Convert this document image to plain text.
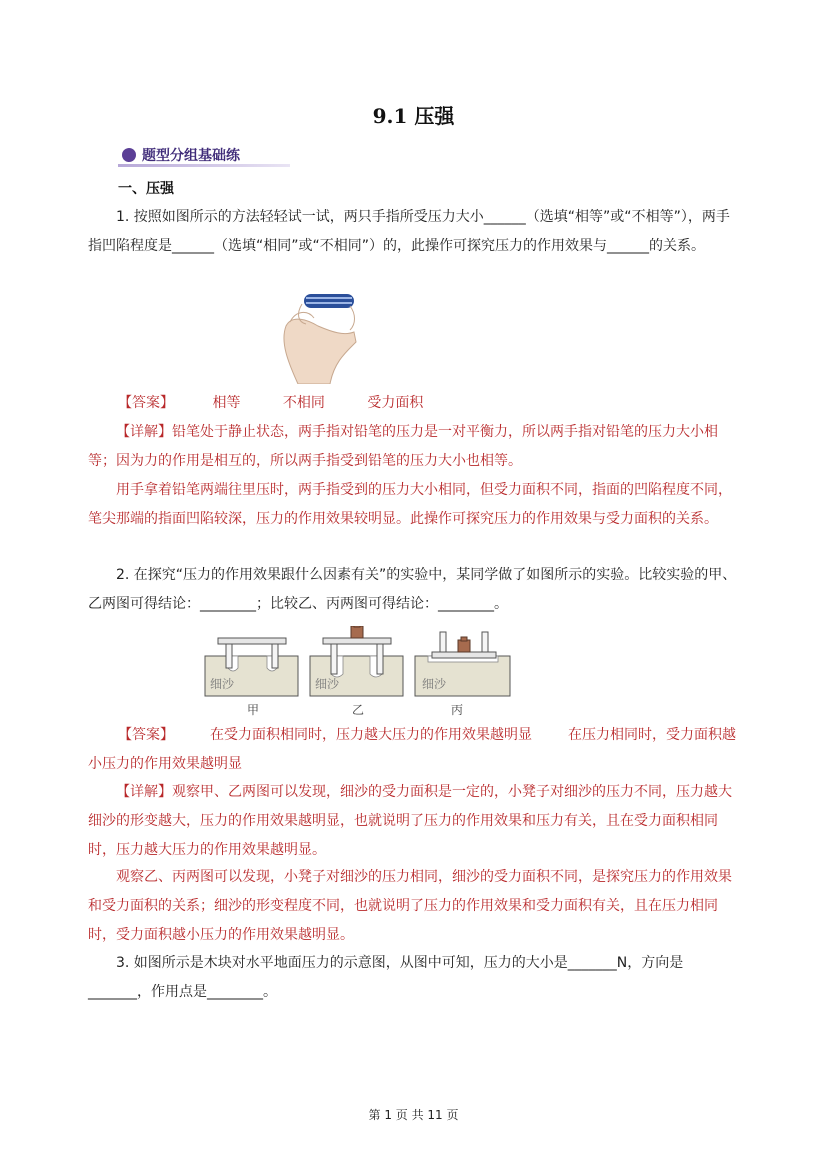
9.1 压强
题型分组基础练
一、压强
1. 按照如图所示的方法轻轻试一试，两只手指所受压力大小______（选填“相等”或“不相等”），两手指凹陷程度是______（选填“相同”或“不相同”）的，此操作可探究压力的作用效果与______的关系。
【答案】	相等	不相同	受力面积
【详解】铅笔处于静止状态，两手指对铅笔的压力是一对平衡力，所以两手指对铅笔的压力大小相等；因为力的作用是相互的，所以两手指受到铅笔的压力大小也相等。
用手拿着铅笔两端往里压时，两手指受到的压力大小相同，但受力面积不同，指面的凹陷程度不同，笔尖那端的指面凹陷较深，压力的作用效果较明显。此操作可探究压力的作用效果与受力面积的关系。
2. 在探究“压力的作用效果跟什么因素有关”的实验中，某同学做了如图所示的实验。比较实验的甲、乙两图可得结论：________；比较乙、丙两图可得结论：________。
细沙
甲
细沙
乙
细沙
丙
【答案】	在受力面积相同时，压力越大压力的作用效果越明显	在压力相同时，受力面积越小压力的作用效果越明显
【详解】观察甲、乙两图可以发现，细沙的受力面积是一定的，小凳子对细沙的压力不同，压力越大细沙的形变越大，压力的作用效果越明显，也就说明了压力的作用效果和压力有关，且在受力面积相同时，压力越大压力的作用效果越明显。
观察乙、丙两图可以发现，小凳子对细沙的压力相同，细沙的受力面积不同，是探究压力的作用效果和受力面积的关系；细沙的形变程度不同，也就说明了压力的作用效果和受力面积有关，且在压力相同时，受力面积越小压力的作用效果越明显。
3. 如图所示是木块对水平地面压力的示意图，从图中可知，压力的大小是_______N，方向是_______，作用点是________。
第 1 页 共 11 页
